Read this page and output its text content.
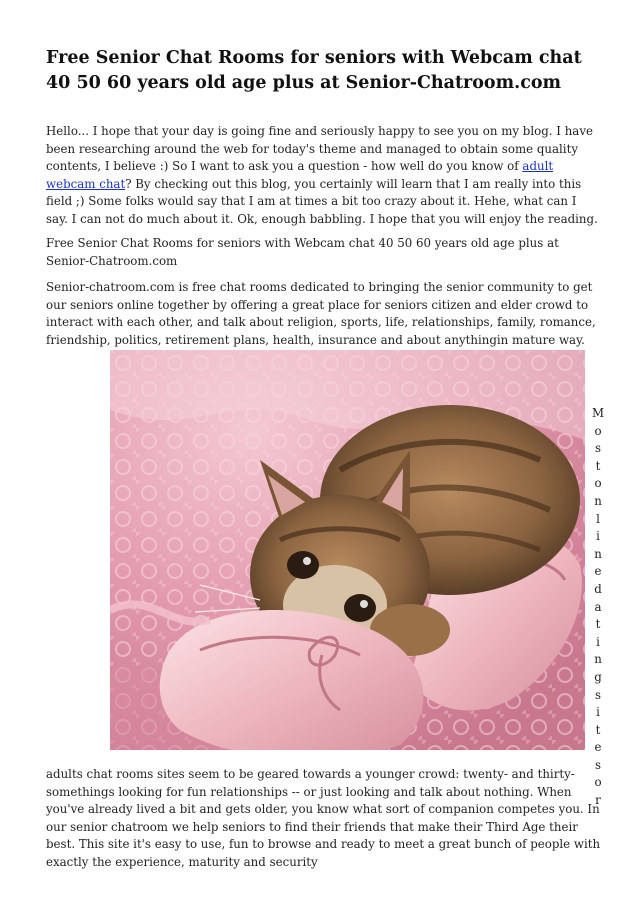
Free Senior Chat Rooms for seniors with Webcam chat 40 50 60 years old age plus at Senior-Chatroom.com

Hello... I hope that your day is going fine and seriously happy to see you on my blog. I have been researching around the web for today's theme and managed to obtain some quality contents, I believe :) So I want to ask you a question - how well do you know of adult webcam chat? By checking out this blog, you certainly will learn that I am really into this field ;) Some folks would say that I am at times a bit too crazy about it. Hehe, what can I say. I can not do much about it. Ok, enough babbling. I hope that you will enjoy the reading.

Free Senior Chat Rooms for seniors with Webcam chat 40 50 60 years old age plus at Senior-Chatroom.com

Senior-chatroom.com is free chat rooms dedicated to bringing the senior community to get our seniors online together by offering a great place for seniors citizen and elder crowd to interact with each other, and talk about religion, sports, life, relationships, family, romance, friendship, politics, retirement plans, health, insurance and about anythingin mature way.

M
o
s
t
o
n
l
i
n
e
d
a
t
i
n
g
s
i
t
e
s
o
r

adults chat rooms sites seem to be geared towards a younger crowd: twenty- and thirty-somethings looking for fun relationships -- or just looking and talk about nothing. When you've already lived a bit and gets older, you know what sort of companion competes you. In our senior chatroom we help seniors to find their friends that make their Third Age their best. This site it's easy to use, fun to browse and ready to meet a great bunch of people with exactly the experience, maturity and security
